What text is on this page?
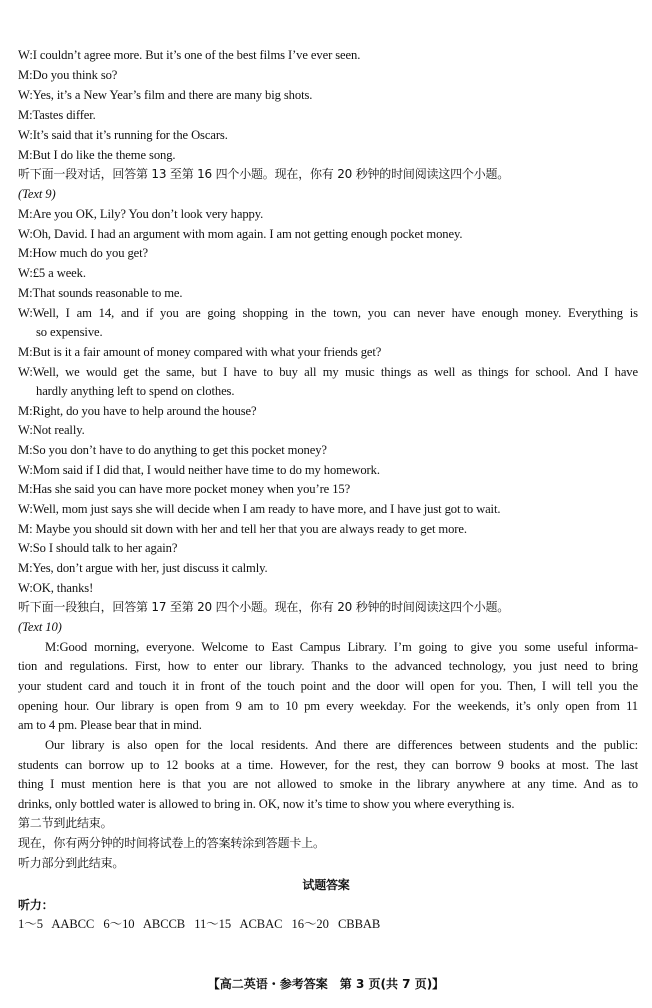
W:I couldn’t agree more. But it’s one of the best films I’ve ever seen.
M:Do you think so?
W:Yes, it’s a New Year’s film and there are many big shots.
M:Tastes differ.
W:It’s said that it’s running for the Oscars.
M:But I do like the theme song.
听下面一段对话，回答第 13 至第 16 四个小题。现在，你有 20 秒钟的时间阅读这四个小题。
(Text 9)
M:Are you OK, Lily? You don’t look very happy.
W:Oh, David. I had an argument with mom again. I am not getting enough pocket money.
M:How much do you get?
W:£5 a week.
M:That sounds reasonable to me.
W:Well, I am 14, and if you are going shopping in the town, you can never have enough money. Everything is
so expensive.
M:But is it a fair amount of money compared with what your friends get?
W:Well, we would get the same, but I have to buy all my music things as well as things for school. And I have
hardly anything left to spend on clothes.
M:Right, do you have to help around the house?
W:Not really.
M:So you don’t have to do anything to get this pocket money?
W:Mom said if I did that, I would neither have time to do my homework.
M:Has she said you can have more pocket money when you’re 15?
W:Well, mom just says she will decide when I am ready to have more, and I have just got to wait.
M: Maybe you should sit down with her and tell her that you are always ready to get more.
W:So I should talk to her again?
M:Yes, don’t argue with her, just discuss it calmly.
W:OK, thanks!
听下面一段独白，回答第 17 至第 20 四个小题。现在，你有 20 秒钟的时间阅读这四个小题。
(Text 10)
M:Good morning, everyone. Welcome to East Campus Library. I’m going to give you some useful informa-
tion and regulations. First, how to enter our library. Thanks to the advanced technology, you just need to bring
your student card and touch it in front of the touch point and the door will open for you. Then, I will tell you the
opening hour. Our library is open from 9 am to 10 pm every weekday. For the weekends, it’s only open from 11
am to 4 pm. Please bear that in mind.
Our library is also open for the local residents. And there are differences between students and the public:
students can borrow up to 12 books at a time. However, for the rest, they can borrow 9 books at most. The last
thing I must mention here is that you are not allowed to smoke in the library anywhere at any time. And as to
drinks, only bottled water is allowed to bring in. OK, now it’s time to show you where everything is.
第二节到此结束。
现在，你有两分钟的时间将试卷上的答案转涂到答题卡上。
听力部分到此结束。
试题答案
听力：
1～5   AABCC   6～10   ABCCB   11～15   ACBAC   16～20   CBBAB
【高二英语・参考答案　第 3 页(共 7 页)】
